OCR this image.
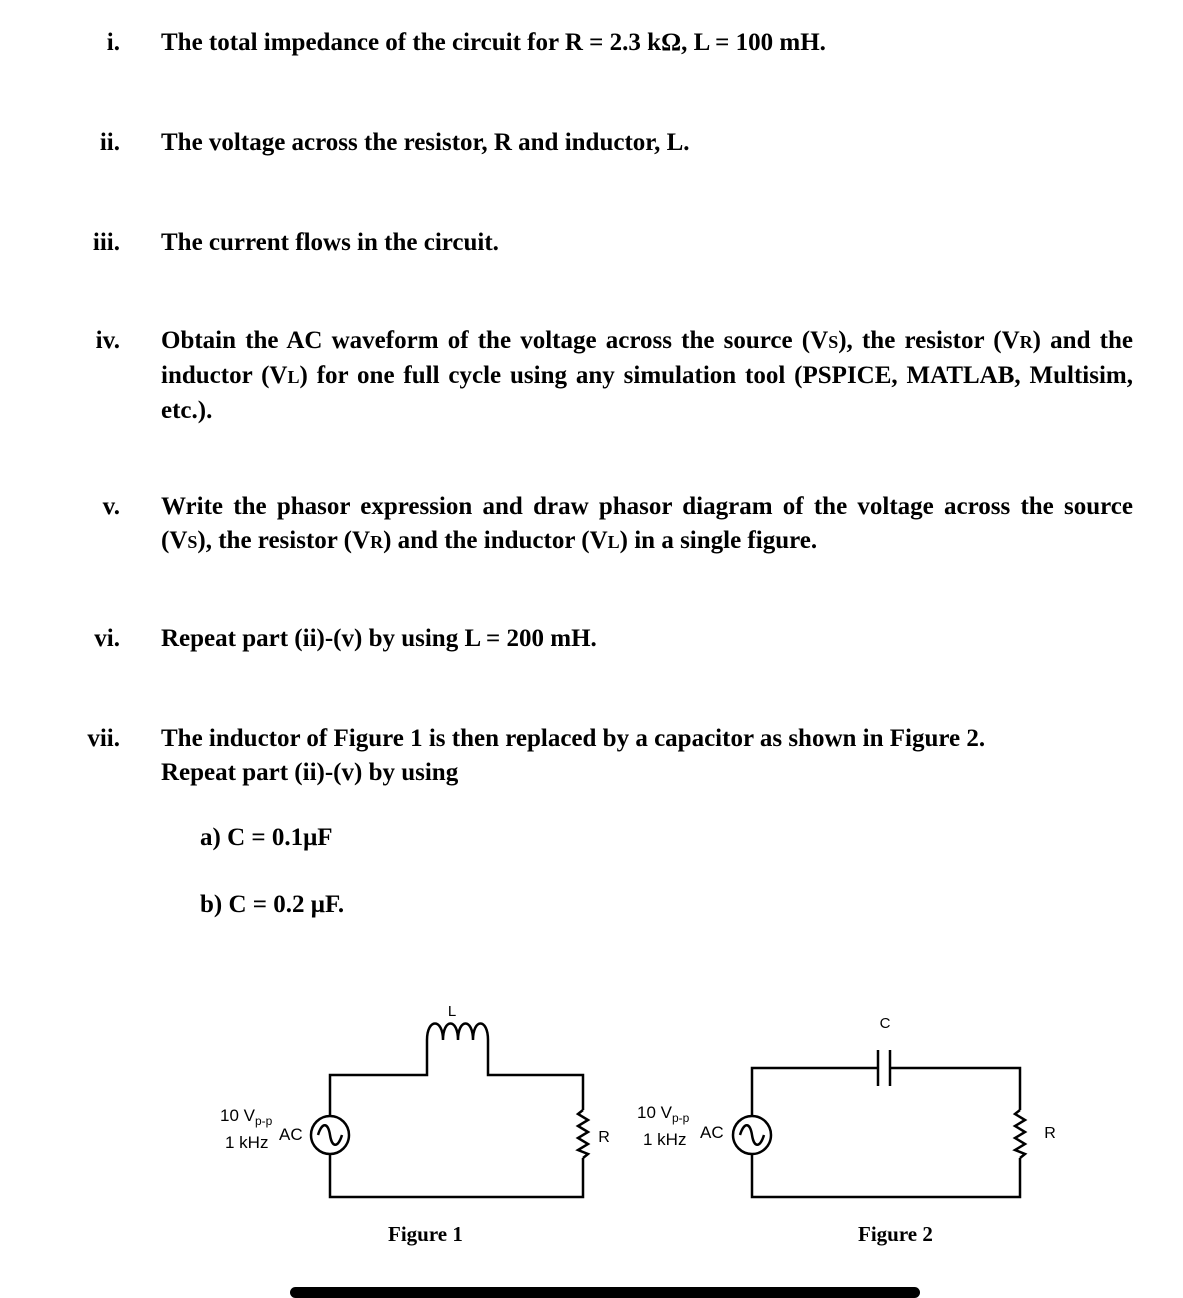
i. The total impedance of the circuit for R = 2.3 kΩ, L = 100 mH.
ii. The voltage across the resistor, R and inductor, L.
iii. The current flows in the circuit.
iv. Obtain the AC waveform of the voltage across the source (VS), the resistor (VR) and the inductor (VL) for one full cycle using any simulation tool (PSPICE, MATLAB, Multisim, etc.).
v. Write the phasor expression and draw phasor diagram of the voltage across the source (VS), the resistor (VR) and the inductor (VL) in a single figure.
vi. Repeat part (ii)-(v) by using L = 200 mH.
vii. The inductor of Figure 1 is then replaced by a capacitor as shown in Figure 2.
Repeat part (ii)-(v) by using
a) C = 0.1μF
b) C = 0.2 μF.
L
R
10 $V_{p-p}$
1 kHz AC
C
R
10 $V_{p-p}$
1 kHz AC
Figure 1	Figure 2
